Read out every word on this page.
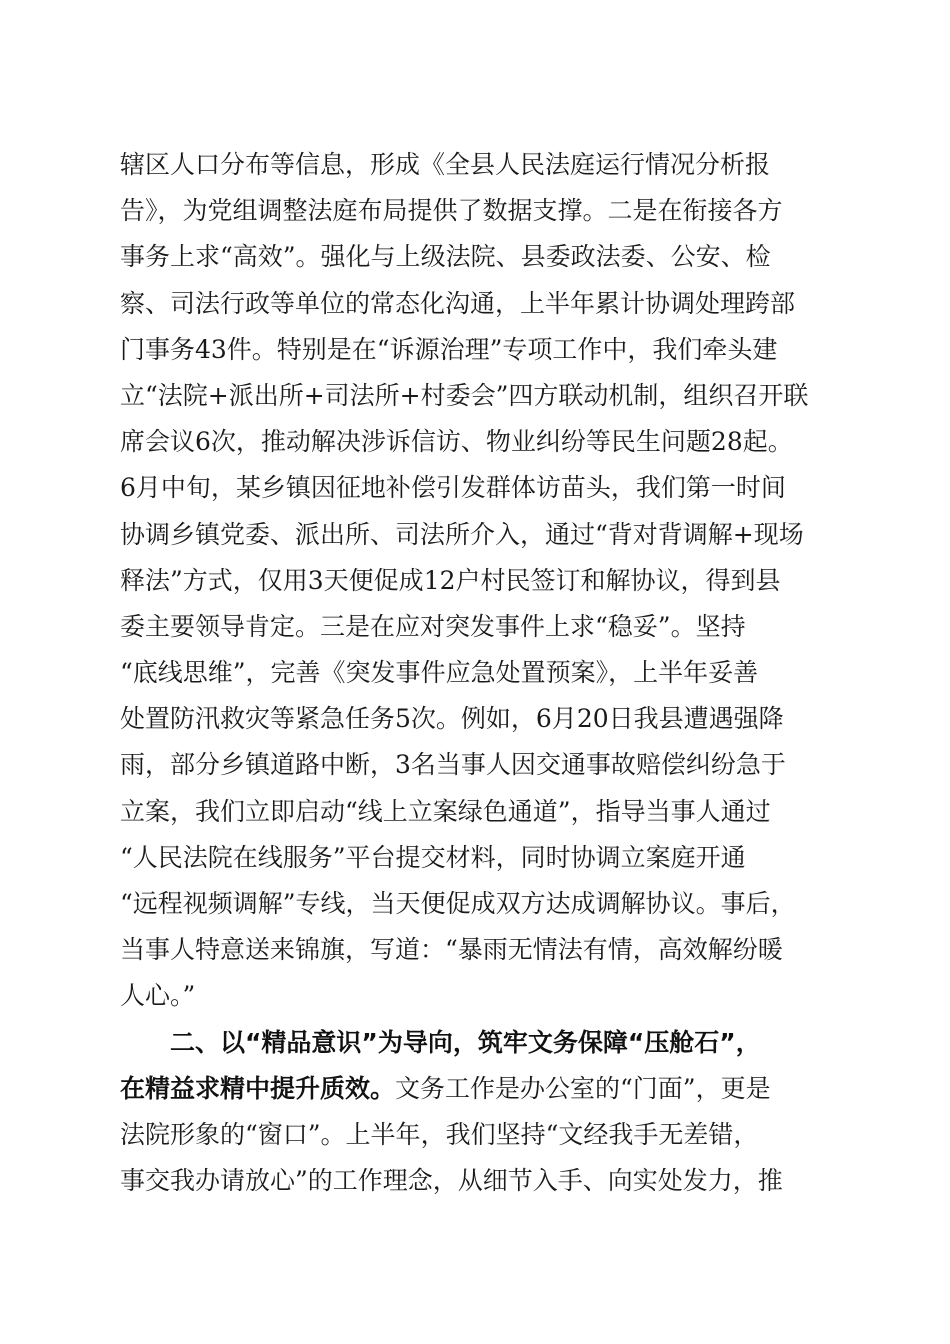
辖区人口分布等信息，形成《全县人民法庭运行情况分析报
告》，为党组调整法庭布局提供了数据支撑。二是在衔接各方
事务上求“高效”。强化与上级法院、县委政法委、公安、检
察、司法行政等单位的常态化沟通，上半年累计协调处理跨部
门事务43件。特别是在“诉源治理”专项工作中，我们牵头建
立“法院+派出所+司法所+村委会”四方联动机制，组织召开联
席会议6次，推动解决涉诉信访、物业纠纷等民生问题28起。
6月中旬，某乡镇因征地补偿引发群体访苗头，我们第一时间
协调乡镇党委、派出所、司法所介入，通过“背对背调解+现场
释法”方式，仅用3天便促成12户村民签订和解协议，得到县
委主要领导肯定。三是在应对突发事件上求“稳妥”。坚持
“底线思维”，完善《突发事件应急处置预案》，上半年妥善
处置防汛救灾等紧急任务5次。例如，6月20日我县遭遇强降
雨，部分乡镇道路中断，3名当事人因交通事故赔偿纠纷急于
立案，我们立即启动“线上立案绿色通道”，指导当事人通过
“人民法院在线服务”平台提交材料，同时协调立案庭开通
“远程视频调解”专线，当天便促成双方达成调解协议。事后，
当事人特意送来锦旗，写道：“暴雨无情法有情，高效解纷暖
人心。”
二、以“精品意识”为导向，筑牢文务保障“压舱石”，
在精益求精中提升质效。文务工作是办公室的“门面”，更是
法院形象的“窗口”。上半年，我们坚持“文经我手无差错，
事交我办请放心”的工作理念，从细节入手、向实处发力，推
